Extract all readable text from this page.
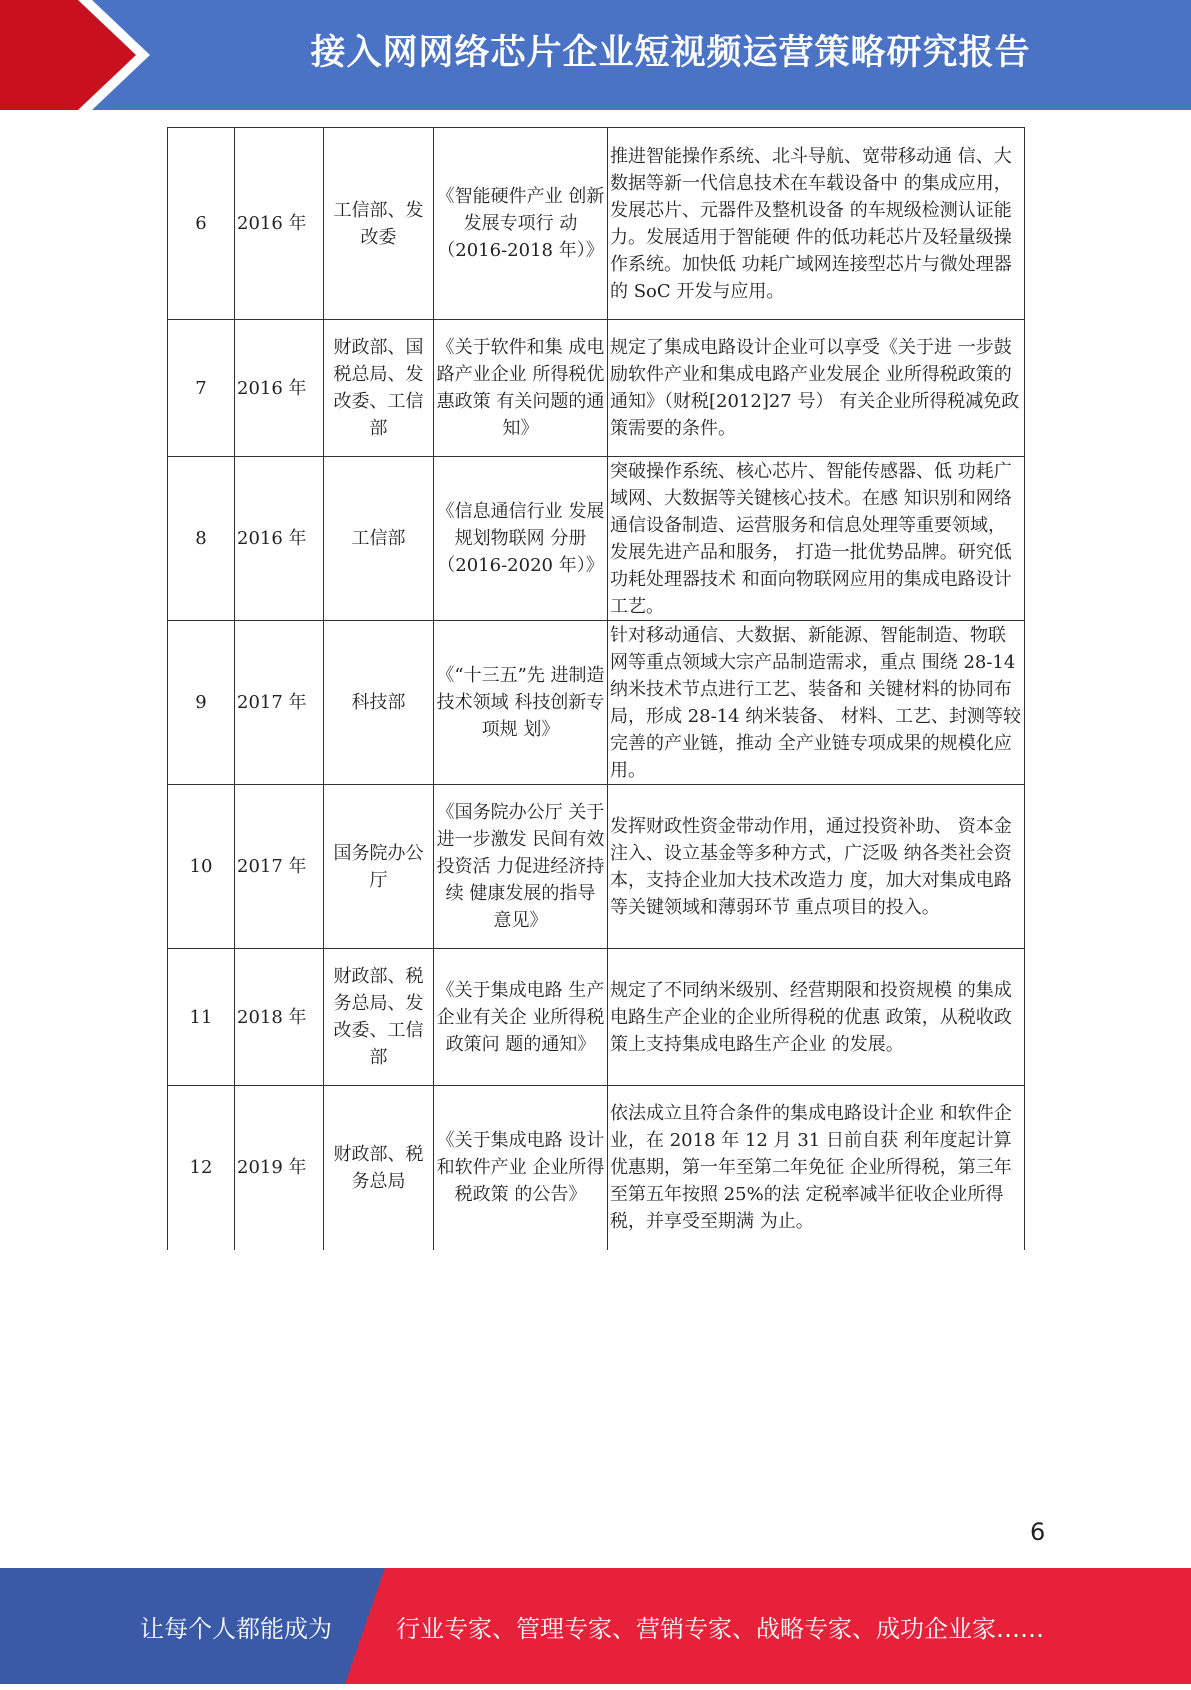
接入网网络芯片企业短视频运营策略研究报告
6	2016 年	工信部、发改委	《智能硬件产业 创新发展专项行 动（2016-2018 年）》	推进智能操作系统、北斗导航、宽带移动通 信、大数据等新一代信息技术在车载设备中 的集成应用，发展芯片、元器件及整机设备 的车规级检测认证能力。发展适用于智能硬 件的低功耗芯片及轻量级操作系统。加快低 功耗广域网连接型芯片与微处理器的 SoC 开发与应用。
7	2016 年	财政部、国税总局、发改委、工信部	《关于软件和集 成电路产业企业 所得税优惠政策 有关问题的通 知》	规定了集成电路设计企业可以享受《关于进 一步鼓励软件产业和集成电路产业发展企 业所得税政策的通知》（财税[2012]27 号） 有关企业所得税减免政策需要的条件。
8	2016 年	工信部	《信息通信行业 发展规划物联网 分册（2016-2020 年）》	突破操作系统、核心芯片、智能传感器、低 功耗广域网、大数据等关键核心技术。在感 知识别和网络通信设备制造、运营服务和信息处理等重要领域，发展先进产品和服务， 打造一批优势品牌。研究低功耗处理器技术 和面向物联网应用的集成电路设计工艺。
9	2017 年	科技部	《“十三五”先 进制造技术领域 科技创新专项规 划》	针对移动通信、大数据、新能源、智能制造、物联网等重点领域大宗产品制造需求，重点 围绕 28-14 纳米技术节点进行工艺、装备和 关键材料的协同布局，形成 28-14 纳米装备、 材料、工艺、封测等较完善的产业链，推动 全产业链专项成果的规模化应用。
10	2017 年	国务院办公厅	《国务院办公厅 关于进一步激发 民间有效投资活 力促进经济持续 健康发展的指导 意见》	发挥财政性资金带动作用，通过投资补助、 资本金注入、设立基金等多种方式，广泛吸 纳各类社会资本，支持企业加大技术改造力 度，加大对集成电路等关键领域和薄弱环节 重点项目的投入。
11	2018 年	财政部、税务总局、发改委、工信部	《关于集成电路 生产企业有关企 业所得税政策问 题的通知》	规定了不同纳米级别、经营期限和投资规模 的集成电路生产企业的企业所得税的优惠 政策，从税收政策上支持集成电路生产企业 的发展。
12	2019 年	财政部、税务总局	《关于集成电路 设计和软件产业 企业所得税政策 的公告》	依法成立且符合条件的集成电路设计企业 和软件企业，在 2018 年 12 月 31 日前自获 利年度起计算优惠期，第一年至第二年免征 企业所得税，第三年至第五年按照 25%的法 定税率减半征收企业所得税，并享受至期满 为止。
6
让每个人都能成为	行业专家、管理专家、营销专家、战略专家、成功企业家……
